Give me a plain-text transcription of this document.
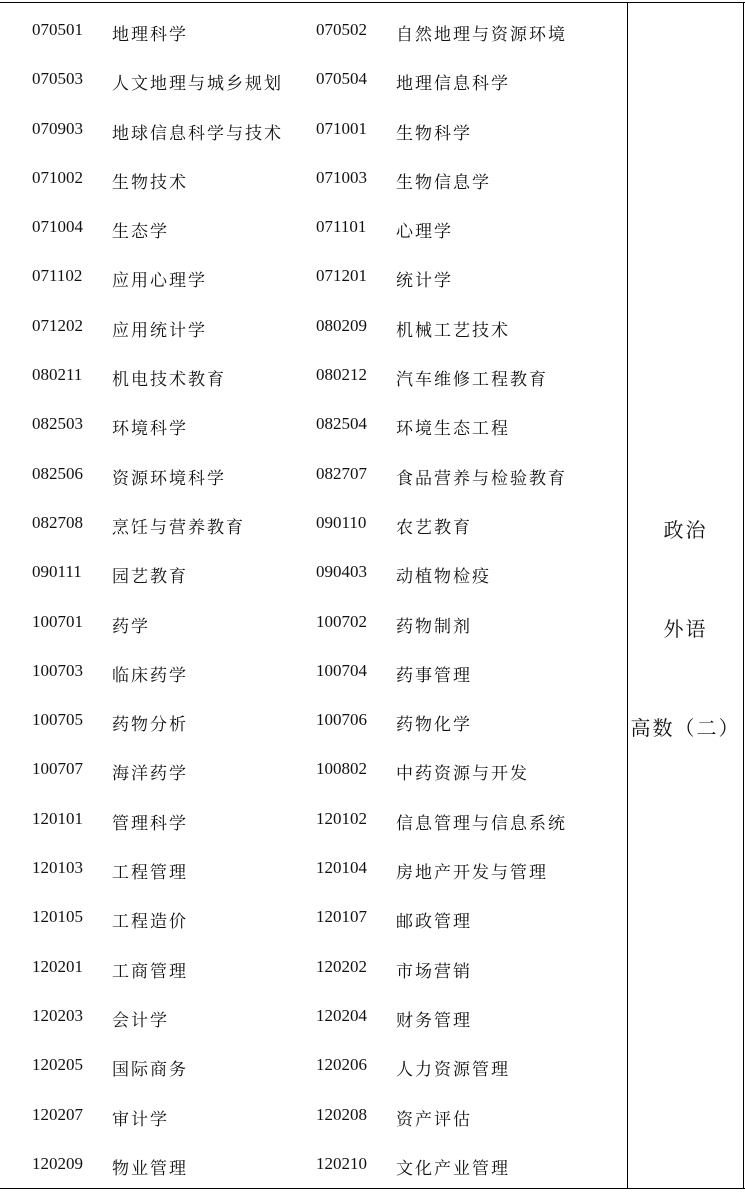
070501 地理科学	070502 自然地理与资源环境
070503 人文地理与城乡规划 070504 地理信息科学
070903 地球信息科学与技术 071001 生物科学
071002 生物技术	071003 生物信息学
071004 生态学	071101 心理学
071102 应用心理学	071201 统计学
071202 应用统计学	080209 机械工艺技术
080211 机电技术教育	080212 汽车维修工程教育
082503 环境科学	082504 环境生态工程
082506 资源环境科学	082707 食品营养与检验教育
082708 烹饪与营养教育	090110 农艺教育
090111 园艺教育	090403 动植物检疫
100701 药学	100702 药物制剂
100703 临床药学	100704 药事管理
100705 药物分析	100706 药物化学
100707 海洋药学	100802 中药资源与开发
120101 管理科学	120102 信息管理与信息系统
120103 工程管理	120104 房地产开发与管理
120105 工程造价	120107 邮政管理
120201 工商管理	120202 市场营销
120203 会计学	120204 财务管理
120205 国际商务	120206 人力资源管理
120207 审计学	120208 资产评估
120209 物业管理	120210 文化产业管理
政治
外语
高数（二）
